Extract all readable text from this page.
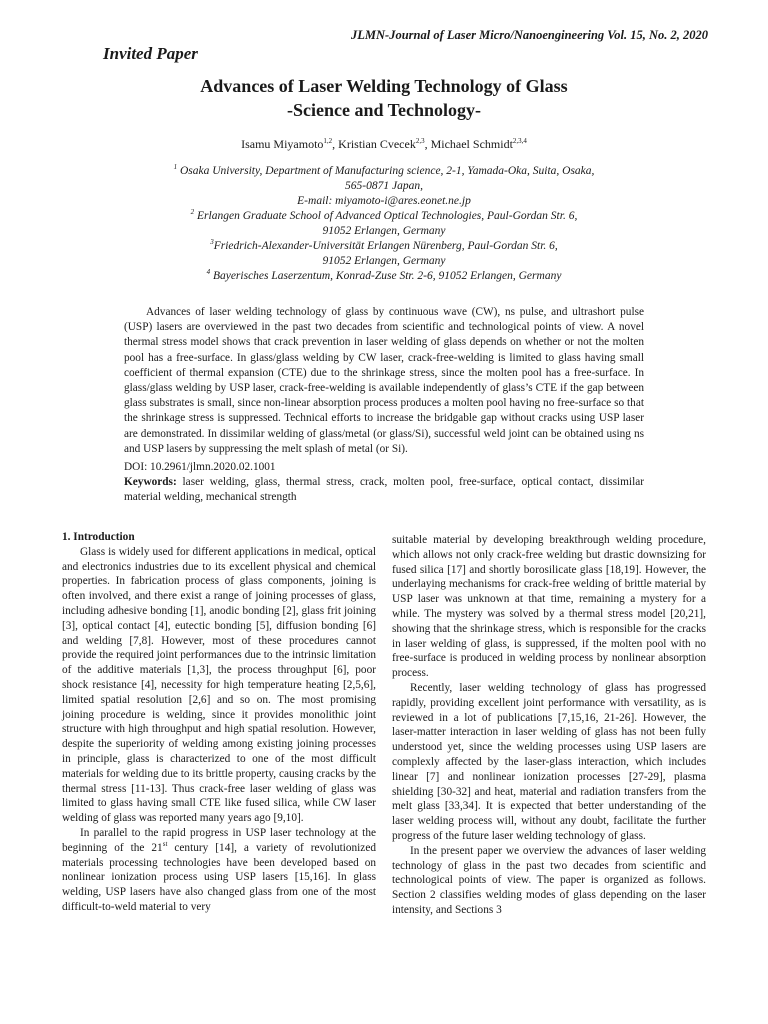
JLMN-Journal of Laser Micro/Nanoengineering Vol. 15, No. 2, 2020
Invited Paper
Advances of Laser Welding Technology of Glass
-Science and Technology-
Isamu Miyamoto$^{1,2}$, Kristian Cvecek$^{2,3}$, Michael Schmidt$^{2,3,4}$
$^1$ Osaka University, Department of Manufacturing science, 2-1, Yamada-Oka, Suita, Osaka,
565-0871 Japan,
E-mail: miyamoto-i@ares.eonet.ne.jp
$^2$ Erlangen Graduate School of Advanced Optical Technologies, Paul-Gordan Str. 6,
91052 Erlangen, Germany
$^3$Friedrich-Alexander-Universität Erlangen Nürenberg, Paul-Gordan Str. 6,
91052 Erlangen, Germany
$^4$ Bayerisches Laserzentum, Konrad-Zuse Str. 2-6, 91052 Erlangen, Germany

Advances of laser welding technology of glass by continuous wave (CW), ns pulse, and ultrashort pulse (USP) lasers are overviewed in the past two decades from scientific and technological points of view. A novel thermal stress model shows that crack prevention in laser welding of glass depends on whether or not the molten pool has a free-surface. In glass/glass welding by CW laser, crack-free-welding is limited to glass having small coefficient of thermal expansion (CTE) due to the shrinkage stress, since the molten pool has a free-surface. In glass/glass welding by USP laser, crack-free-welding is available independently of glass’s CTE if the gap between glass substrates is small, since non-linear absorption process produces a molten pool having no free-surface so that the shrinkage stress is suppressed. Technical efforts to increase the bridgable gap without cracks using USP laser are demonstrated. In dissimilar welding of glass/metal (or glass/Si), successful weld joint can be obtained using ns and USP lasers by suppressing the melt splash of metal (or Si).

DOI: 10.2961/jlmn.2020.02.1001

Keywords: laser welding, glass, thermal stress, crack, molten pool, free-surface, optical contact, dissimilar material welding, mechanical strength

1. Introduction

Glass is widely used for different applications in medical, optical and electronics industries due to its excellent physical and chemical properties. In fabrication process of glass components, joining is often involved, and there exist a range of joining processes of glass, including adhesive bonding [1], anodic bonding [2], glass frit joining [3], optical contact [4], eutectic bonding [5], diffusion bonding [6] and welding [7,8]. However, most of these procedures cannot provide the required joint performances due to the intrinsic limitation of the additive materials [1,3], the process throughput [6], poor shock resistance [4], necessity for high temperature heating [2,5,6], limited spatial resolution [2,6] and so on. The most promising joining procedure is welding, since it provides monolithic joint structure with high throughput and high spatial resolution. However, despite the superiority of welding among existing joining processes in principle, glass is characterized to one of the most difficult materials for welding due to its brittle property, causing cracks by the thermal stress [11-13]. Thus crack-free laser welding of glass was limited to glass having small CTE like fused silica, while CW laser welding of glass was reported many years ago [9,10].

In parallel to the rapid progress in USP laser technology at the beginning of the 21st century [14], a variety of revolutionized materials processing technologies have been developed based on nonlinear ionization process using USP lasers [15,16]. In glass welding, USP lasers have also changed glass from one of the most difficult-to-weld material to very

suitable material by developing breakthrough welding procedure, which allows not only crack-free welding but drastic downsizing for fused silica [17] and shortly borosilicate glass [18,19]. However, the underlaying mechanisms for crack-free welding of brittle material by USP laser was unknown at that time, remaining a mystery for a while. The mystery was solved by a thermal stress model [20,21], showing that the shrinkage stress, which is responsible for the cracks in laser welding of glass, is suppressed, if the molten pool with no free-surface is produced in welding process by nonlinear absorption process.

Recently, laser welding technology of glass has progressed rapidly, providing excellent joint performance with versatility, as is reviewed in a lot of publications [7,15,16, 21-26]. However, the laser-matter interaction in laser welding of glass has not been fully understood yet, since the welding processes using USP lasers are complexly affected by the laser-glass interaction, which includes linear [7] and nonlinear ionization processes [27-29], plasma shielding [30-32] and heat, material and radiation transfers from the melt glass [33,34]. It is expected that better understanding of the laser welding process will, without any doubt, facilitate the further progress of the future laser welding technology of glass.

In the present paper we overview the advances of laser welding technology of glass in the past two decades from scientific and technological points of view. The paper is organized as follows. Section 2 classifies welding modes of glass depending on the laser intensity, and Sections 3
